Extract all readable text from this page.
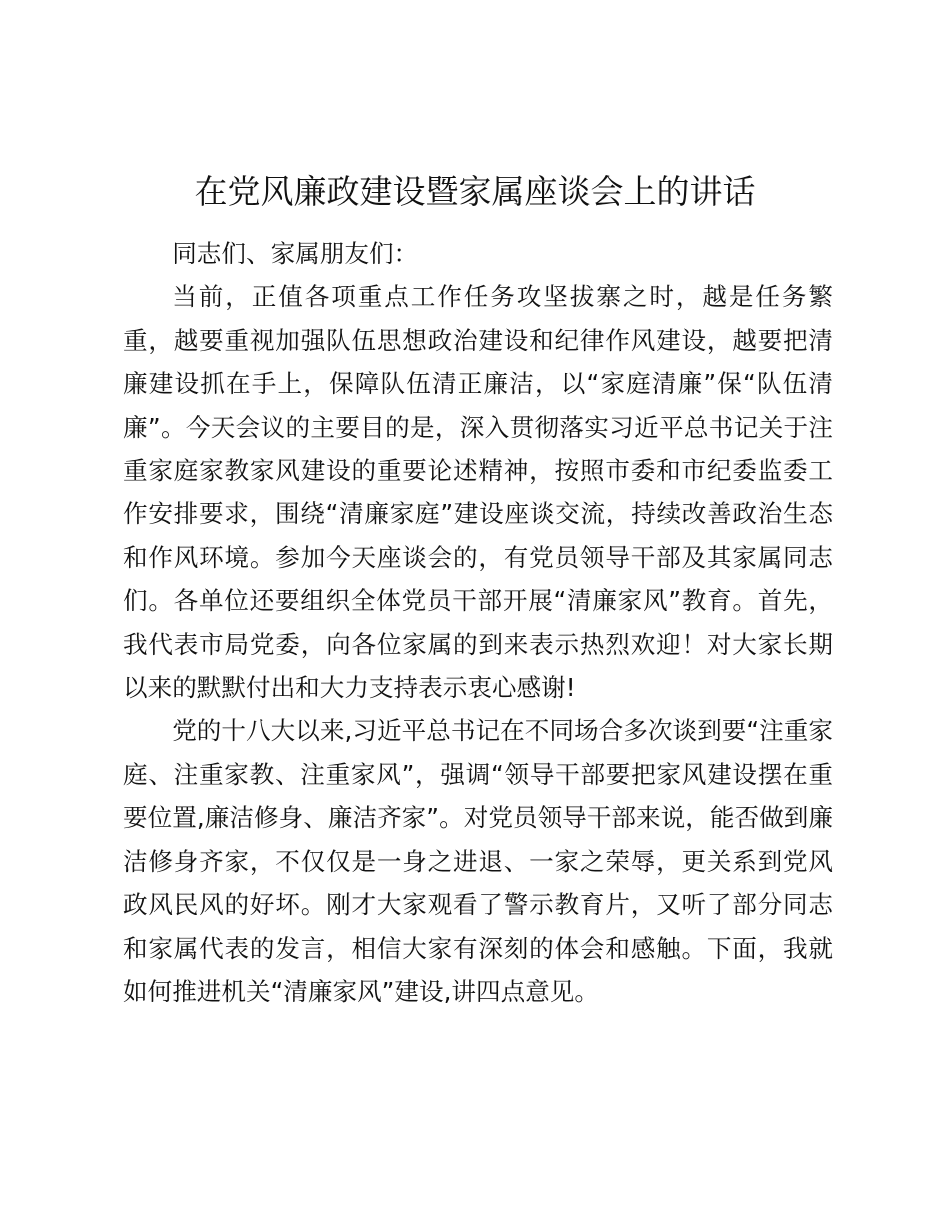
在党风廉政建设暨家属座谈会上的讲话

同志们、家属朋友们：

当前，正值各项重点工作任务攻坚拔寨之时，越是任务繁重，越要重视加强队伍思想政治建设和纪律作风建设，越要把清廉建设抓在手上，保障队伍清正廉洁，以“家庭清廉”保“队伍清廉”。今天会议的主要目的是，深入贯彻落实习近平总书记关于注重家庭家教家风建设的重要论述精神，按照市委和市纪委监委工作安排要求，围绕“清廉家庭”建设座谈交流，持续改善政治生态和作风环境。参加今天座谈会的，有党员领导干部及其家属同志们。各单位还要组织全体党员干部开展“清廉家风”教育。首先，我代表市局党委，向各位家属的到来表示热烈欢迎！对大家长期以来的默默付出和大力支持表示衷心感谢!

党的十八大以来,习近平总书记在不同场合多次谈到要“注重家庭、注重家教、注重家风”，强调“领导干部要把家风建设摆在重要位置,廉洁修身、廉洁齐家”。对党员领导干部来说，能否做到廉洁修身齐家，不仅仅是一身之进退、一家之荣辱，更关系到党风政风民风的好坏。刚才大家观看了警示教育片，又听了部分同志和家属代表的发言，相信大家有深刻的体会和感触。下面，我就如何推进机关“清廉家风”建设,讲四点意见。
